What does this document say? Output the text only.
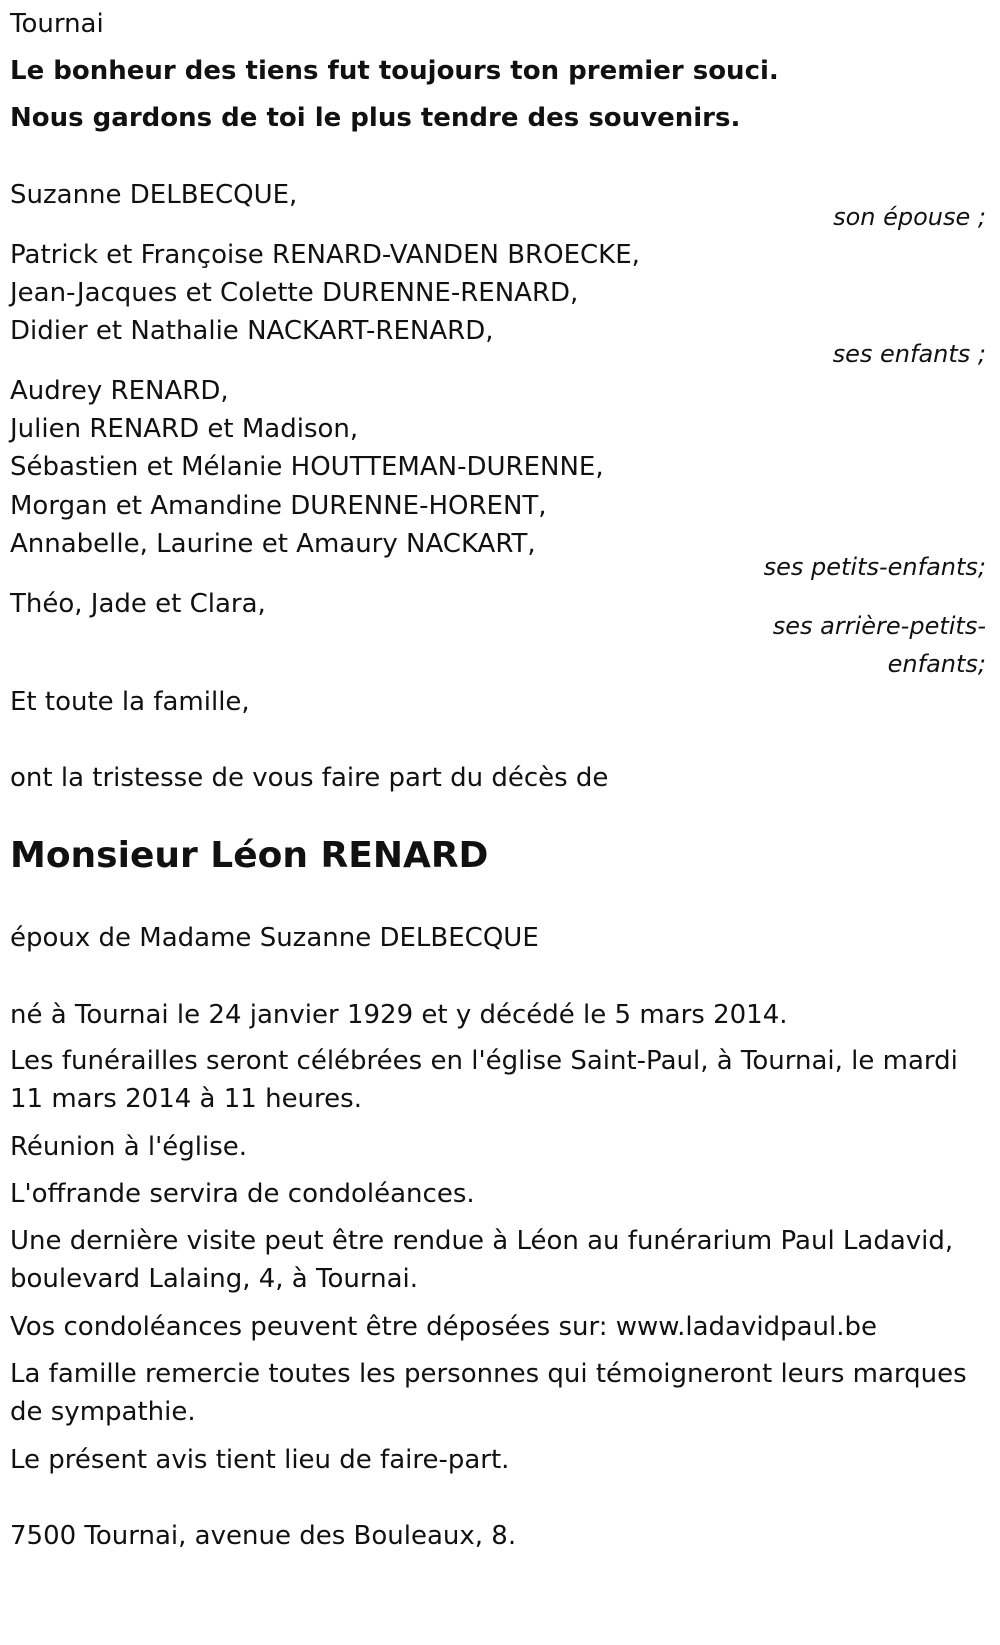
Tournai
Le bonheur des tiens fut toujours ton premier souci.
Nous gardons de toi le plus tendre des souvenirs.
Suzanne DELBECQUE,
son épouse ;
Patrick et Françoise RENARD-VANDEN BROECKE,
Jean-Jacques et Colette DURENNE-RENARD,
Didier et Nathalie NACKART-RENARD,
ses enfants ;
Audrey RENARD,
Julien RENARD et Madison,
Sébastien et Mélanie HOUTTEMAN-DURENNE,
Morgan et Amandine DURENNE-HORENT,
Annabelle, Laurine et Amaury NACKART,
ses petits-enfants;
Théo, Jade et Clara,
ses arrière-petits-
enfants;
Et toute la famille,
ont la tristesse de vous faire part du décès de
Monsieur Léon RENARD
époux de Madame Suzanne DELBECQUE
né à Tournai le 24 janvier 1929 et y décédé le 5 mars 2014.
Les funérailles seront célébrées en l'église Saint-Paul, à Tournai, le mardi 11 mars 2014 à 11 heures.
Réunion à l'église.
L'offrande servira de condoléances.
Une dernière visite peut être rendue à Léon au funérarium Paul Ladavid, boulevard Lalaing, 4, à Tournai.
Vos condoléances peuvent être déposées sur: www.ladavidpaul.be
La famille remercie toutes les personnes qui témoigneront leurs marques de sympathie.
Le présent avis tient lieu de faire-part.
7500 Tournai, avenue des Bouleaux, 8.
